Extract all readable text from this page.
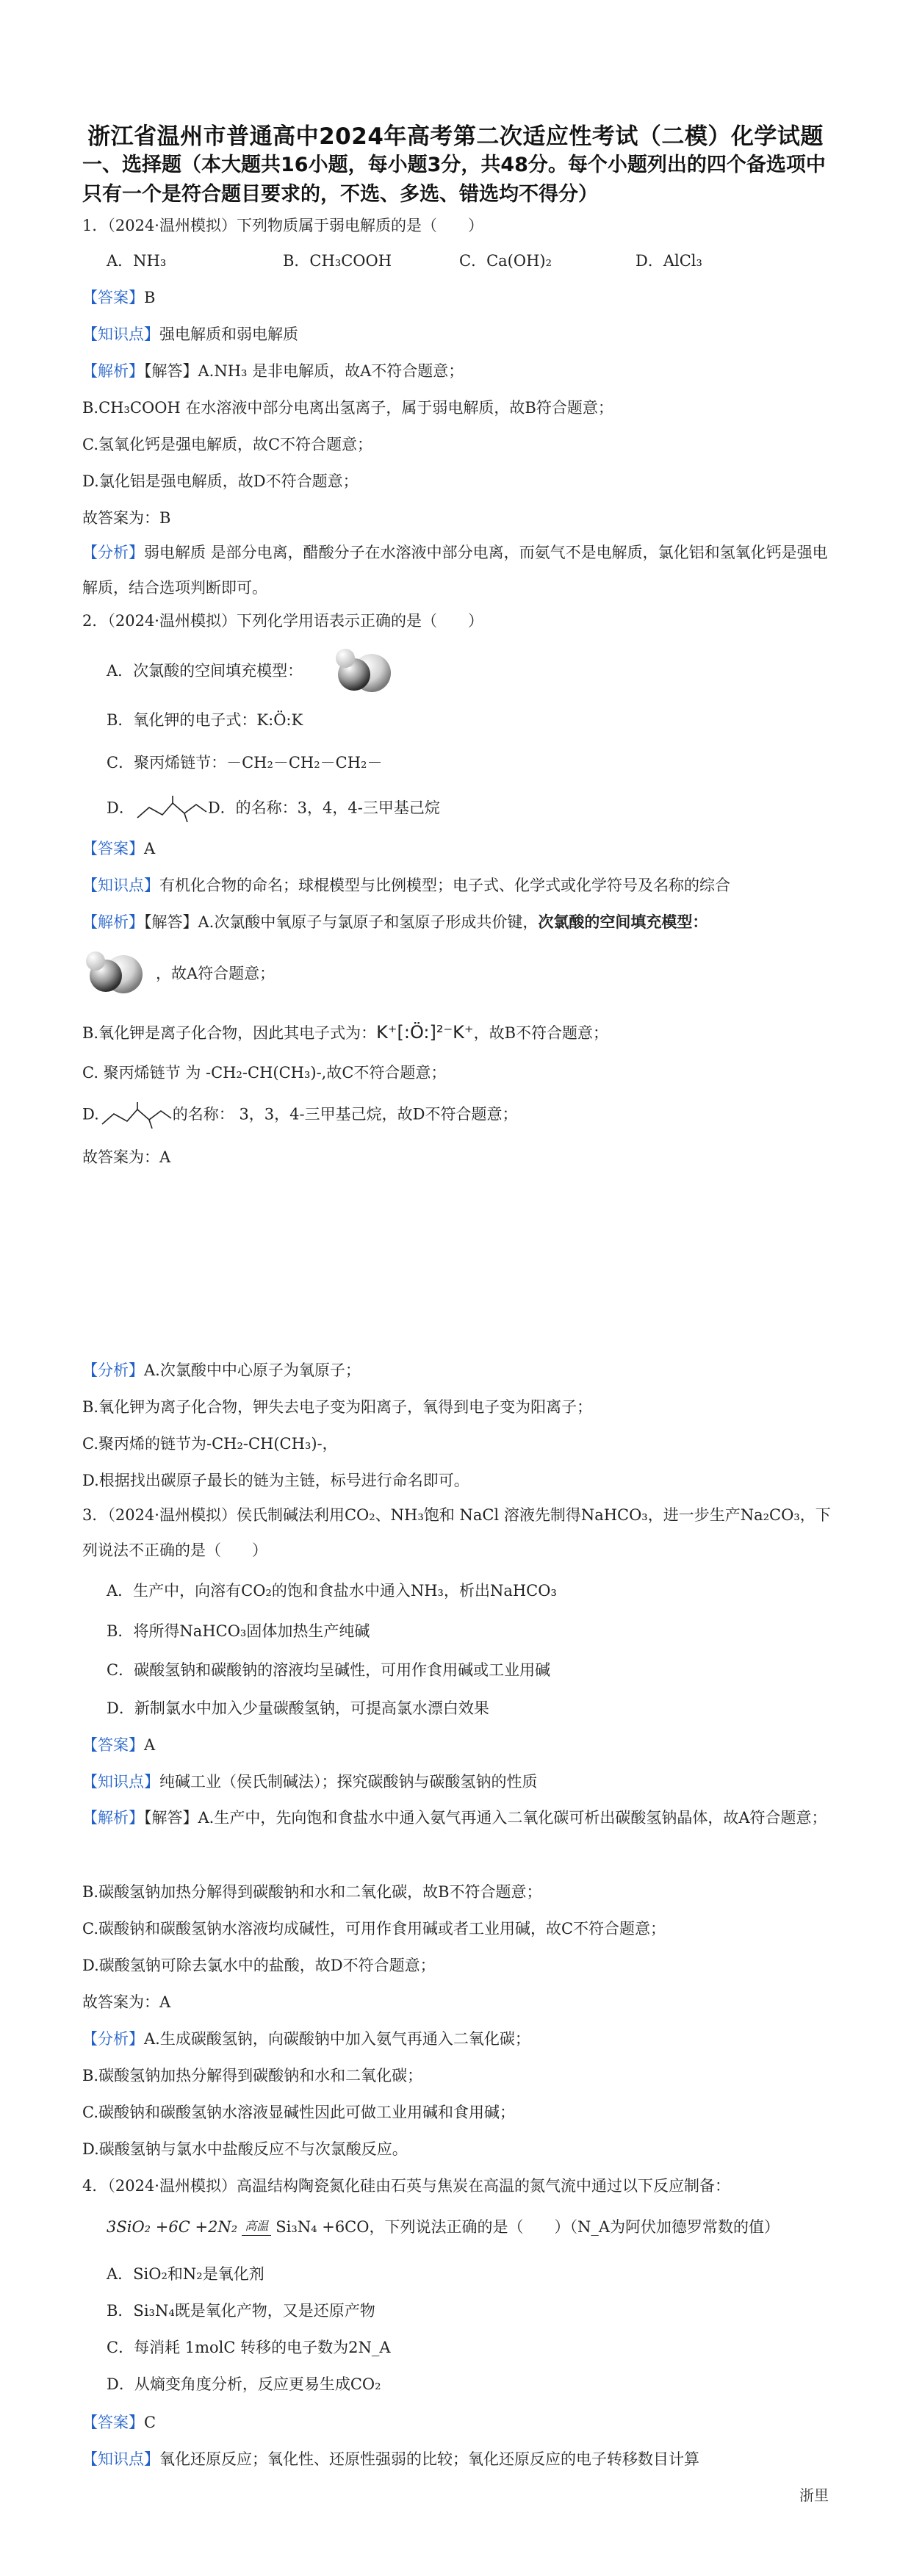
浙江省温州市普通高中2024年高考第二次适应性考试（二模）化学试题
一、选择题（本大题共16小题，每小题3分，共48分。每个小题列出的四个备选项中只有一个是符合题目要求的，不选、多选、错选均不得分）
1．（2024·温州模拟）下列物质属于弱电解质的是（　　）
A．NH₃	B．CH₃COOH	C．Ca(OH)₂	D．AlCl₃
【答案】B
【知识点】强电解质和弱电解质
【解析】【解答】A.NH₃ 是非电解质，故A不符合题意；
B.CH₃COOH 在水溶液中部分电离出氢离子，属于弱电解质，故B符合题意；
C.氢氧化钙是强电解质，故C不符合题意；
D.氯化铝是强电解质，故D不符合题意；
故答案为：B
【分析】弱电解质 是部分电离，醋酸分子在水溶液中部分电离，而氨气不是电解质，氯化铝和氢氧化钙是强电解质，结合选项判断即可。
2．（2024·温州模拟）下列化学用语表示正确的是（　　）
A．次氯酸的空间填充模型：
B．氧化钾的电子式：K:Ö:K
C．聚丙烯链节：－CH₂－CH₂－CH₂－
D．	D．的名称：3，4，4-三甲基己烷
【答案】A
【知识点】有机化合物的命名；球棍模型与比例模型；电子式、化学式或化学符号及名称的综合
【解析】【解答】A.次氯酸中氧原子与氯原子和氢原子形成共价键，次氯酸的空间填充模型：
，故A符合题意；
B.氧化钾是离子化合物，因此其电子式为：K⁺[:Ö:]²⁻K⁺，故B不符合题意；
C. 聚丙烯链节 为 -CH₂-CH(CH₃)-,故C不符合题意；
D.	的名称： 3，3，4-三甲基己烷，故D不符合题意；
故答案为：A
【分析】A.次氯酸中中心原子为氧原子；
B.氧化钾为离子化合物，钾失去电子变为阳离子，氧得到电子变为阳离子；
C.聚丙烯的链节为-CH₂-CH(CH₃)-，
D.根据找出碳原子最长的链为主链，标号进行命名即可。
3．（2024·温州模拟）侯氏制碱法利用CO₂、NH₃饱和 NaCl 溶液先制得NaHCO₃，进一步生产Na₂CO₃，下列说法不正确的是（　　）
A．生产中，向溶有CO₂的饱和食盐水中通入NH₃，析出NaHCO₃
B．将所得NaHCO₃固体加热生产纯碱
C．碳酸氢钠和碳酸钠的溶液均呈碱性，可用作食用碱或工业用碱
D．新制氯水中加入少量碳酸氢钠，可提高氯水漂白效果
【答案】A
【知识点】纯碱工业（侯氏制碱法）；探究碳酸钠与碳酸氢钠的性质
【解析】【解答】A.生产中，先向饱和食盐水中通入氨气再通入二氧化碳可析出碳酸氢钠晶体，故A符合题意；
B.碳酸氢钠加热分解得到碳酸钠和水和二氧化碳，故B不符合题意；
C.碳酸钠和碳酸氢钠水溶液均成碱性，可用作食用碱或者工业用碱，故C不符合题意；
D.碳酸氢钠可除去氯水中的盐酸，故D不符合题意；
故答案为：A
【分析】A.生成碳酸氢钠，向碳酸钠中加入氨气再通入二氧化碳；
B.碳酸氢钠加热分解得到碳酸钠和水和二氧化碳；
C.碳酸钠和碳酸氢钠水溶液显碱性因此可做工业用碱和食用碱；
D.碳酸氢钠与氯水中盐酸反应不与次氯酸反应。
4．（2024·温州模拟）高温结构陶瓷氮化硅由石英与焦炭在高温的氮气流中通过以下反应制备：
3SiO₂ +6C +2N₂ 高温 Si₃N₄ +6CO，下列说法正确的是（　　）（N_A为阿伏加德罗常数的值）
A．SiO₂和N₂是氧化剂
B．Si₃N₄既是氧化产物，又是还原产物
C．每消耗 1molC 转移的电子数为2N_A
D．从熵变角度分析，反应更易生成CO₂
【答案】C
【知识点】氧化还原反应；氧化性、还原性强弱的比较；氧化还原反应的电子转移数目计算
浙里
